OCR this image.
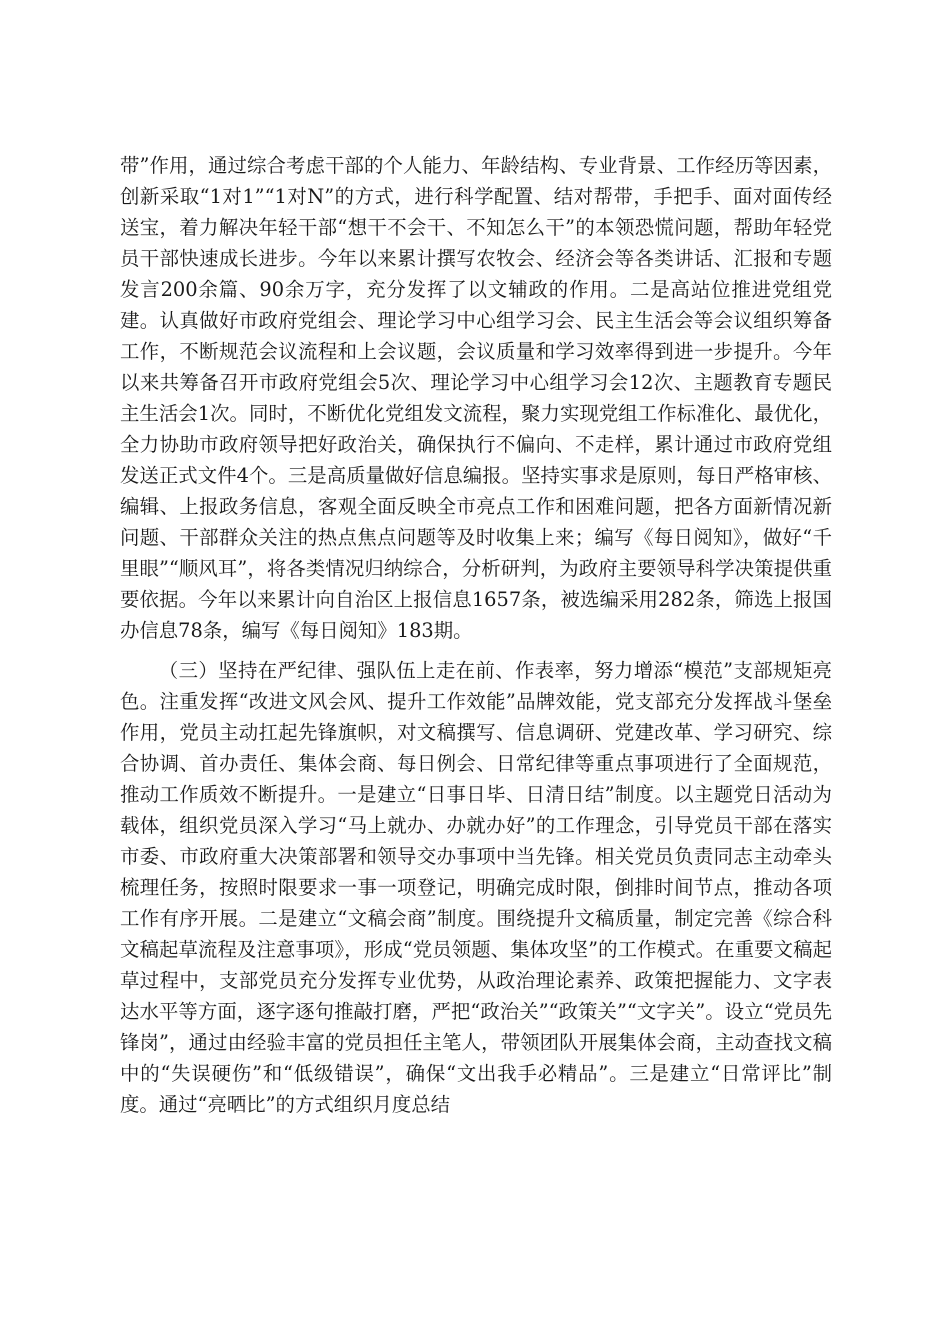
带”作用，通过综合考虑干部的个人能力、年龄结构、专业背景、工作经历等因素，创新采取“1对1”“1对N”的方式，进行科学配置、结对帮带，手把手、面对面传经送宝，着力解决年轻干部“想干不会干、不知怎么干”的本领恐慌问题，帮助年轻党员干部快速成长进步。今年以来累计撰写农牧会、经济会等各类讲话、汇报和专题发言200余篇、90余万字，充分发挥了以文辅政的作用。二是高站位推进党组党建。认真做好市政府党组会、理论学习中心组学习会、民主生活会等会议组织筹备工作，不断规范会议流程和上会议题，会议质量和学习效率得到进一步提升。今年以来共筹备召开市政府党组会5次、理论学习中心组学习会12次、主题教育专题民主生活会1次。同时，不断优化党组发文流程，聚力实现党组工作标准化、最优化，全力协助市政府领导把好政治关，确保执行不偏向、不走样，累计通过市政府党组发送正式文件4个。三是高质量做好信息编报。坚持实事求是原则，每日严格审核、编辑、上报政务信息，客观全面反映全市亮点工作和困难问题，把各方面新情况新问题、干部群众关注的热点焦点问题等及时收集上来；编写《每日阅知》，做好“千里眼”“顺风耳”，将各类情况归纳综合，分析研判，为政府主要领导科学决策提供重要依据。今年以来累计向自治区上报信息1657条，被选编采用282条，筛选上报国办信息78条，编写《每日阅知》183期。

（三）坚持在严纪律、强队伍上走在前、作表率，努力增添“模范”支部规矩亮色。注重发挥“改进文风会风、提升工作效能”品牌效能，党支部充分发挥战斗堡垒作用，党员主动扛起先锋旗帜，对文稿撰写、信息调研、党建改革、学习研究、综合协调、首办责任、集体会商、每日例会、日常纪律等重点事项进行了全面规范，推动工作质效不断提升。一是建立“日事日毕、日清日结”制度。以主题党日活动为载体，组织党员深入学习“马上就办、办就办好”的工作理念，引导党员干部在落实市委、市政府重大决策部署和领导交办事项中当先锋。相关党员负责同志主动牵头梳理任务，按照时限要求一事一项登记，明确完成时限，倒排时间节点，推动各项工作有序开展。二是建立“文稿会商”制度。围绕提升文稿质量，制定完善《综合科文稿起草流程及注意事项》，形成“党员领题、集体攻坚”的工作模式。在重要文稿起草过程中，支部党员充分发挥专业优势，从政治理论素养、政策把握能力、文字表达水平等方面，逐字逐句推敲打磨，严把“政治关”“政策关”“文字关”。设立“党员先锋岗”，通过由经验丰富的党员担任主笔人，带领团队开展集体会商，主动查找文稿中的“失误硬伤”和“低级错误”，确保“文出我手必精品”。三是建立“日常评比”制度。通过“亮晒比”的方式组织月度总结
